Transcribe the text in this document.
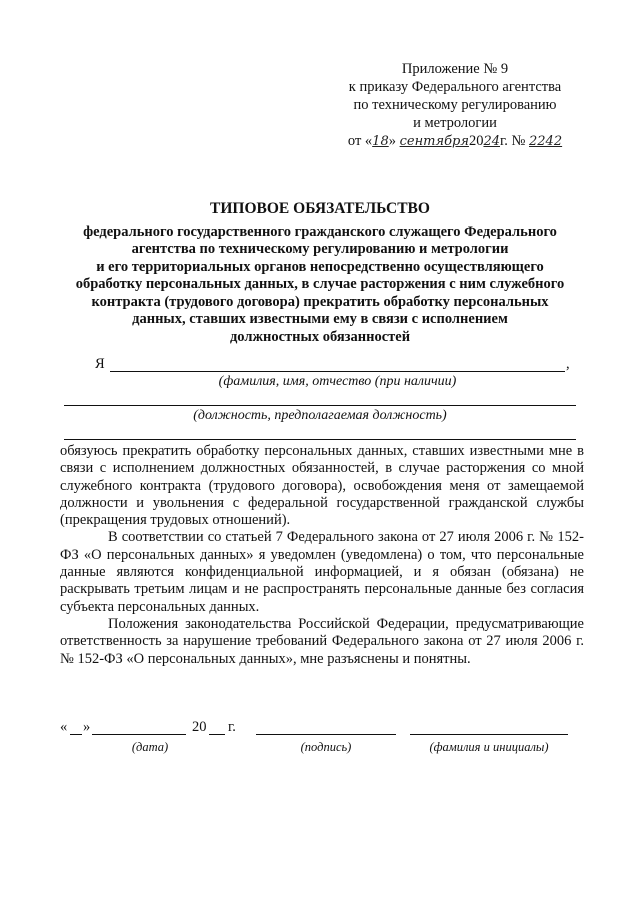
Приложение № 9
к приказу Федерального агентства
по техническому регулированию
и метрологии
от «18» сентября2024г. № 2242
ТИПОВОЕ ОБЯЗАТЕЛЬСТВО
федерального государственного гражданского служащего Федерального
агентства по техническому регулированию и метрологии
и его территориальных органов непосредственно осуществляющего
обработку персональных данных, в случае расторжения с ним служебного
контракта (трудового договора) прекратить обработку персональных
данных, ставших известными ему в связи с исполнением
должностных обязанностей
Я	,
(фамилия, имя, отчество (при наличии)
(должность, предполагаемая должность)

обязуюсь прекратить обработку персональных данных, ставших известными мне в связи с исполнением должностных обязанностей, в случае расторжения со мной служебного контракта (трудового договора), освобождения меня от замещаемой должности и увольнения с федеральной государственной гражданской службы (прекращения трудовых отношений).

В соответствии со статьей 7 Федерального закона от 27 июля 2006 г. № 152-ФЗ «О персональных данных» я уведомлен (уведомлена) о том, что персональные данные являются конфиденциальной информацией, и я обязан (обязана) не раскрывать третьим лицам и не распространять персональные данные без согласия субъекта персональных данных.

Положения законодательства Российской Федерации, предусматривающие ответственность за нарушение требований Федерального закона от 27 июля 2006 г. № 152-ФЗ «О персональных данных», мне разъяснены и понятны.

« »	20 г.
(дата)	(подпись)	(фамилия и инициалы)
